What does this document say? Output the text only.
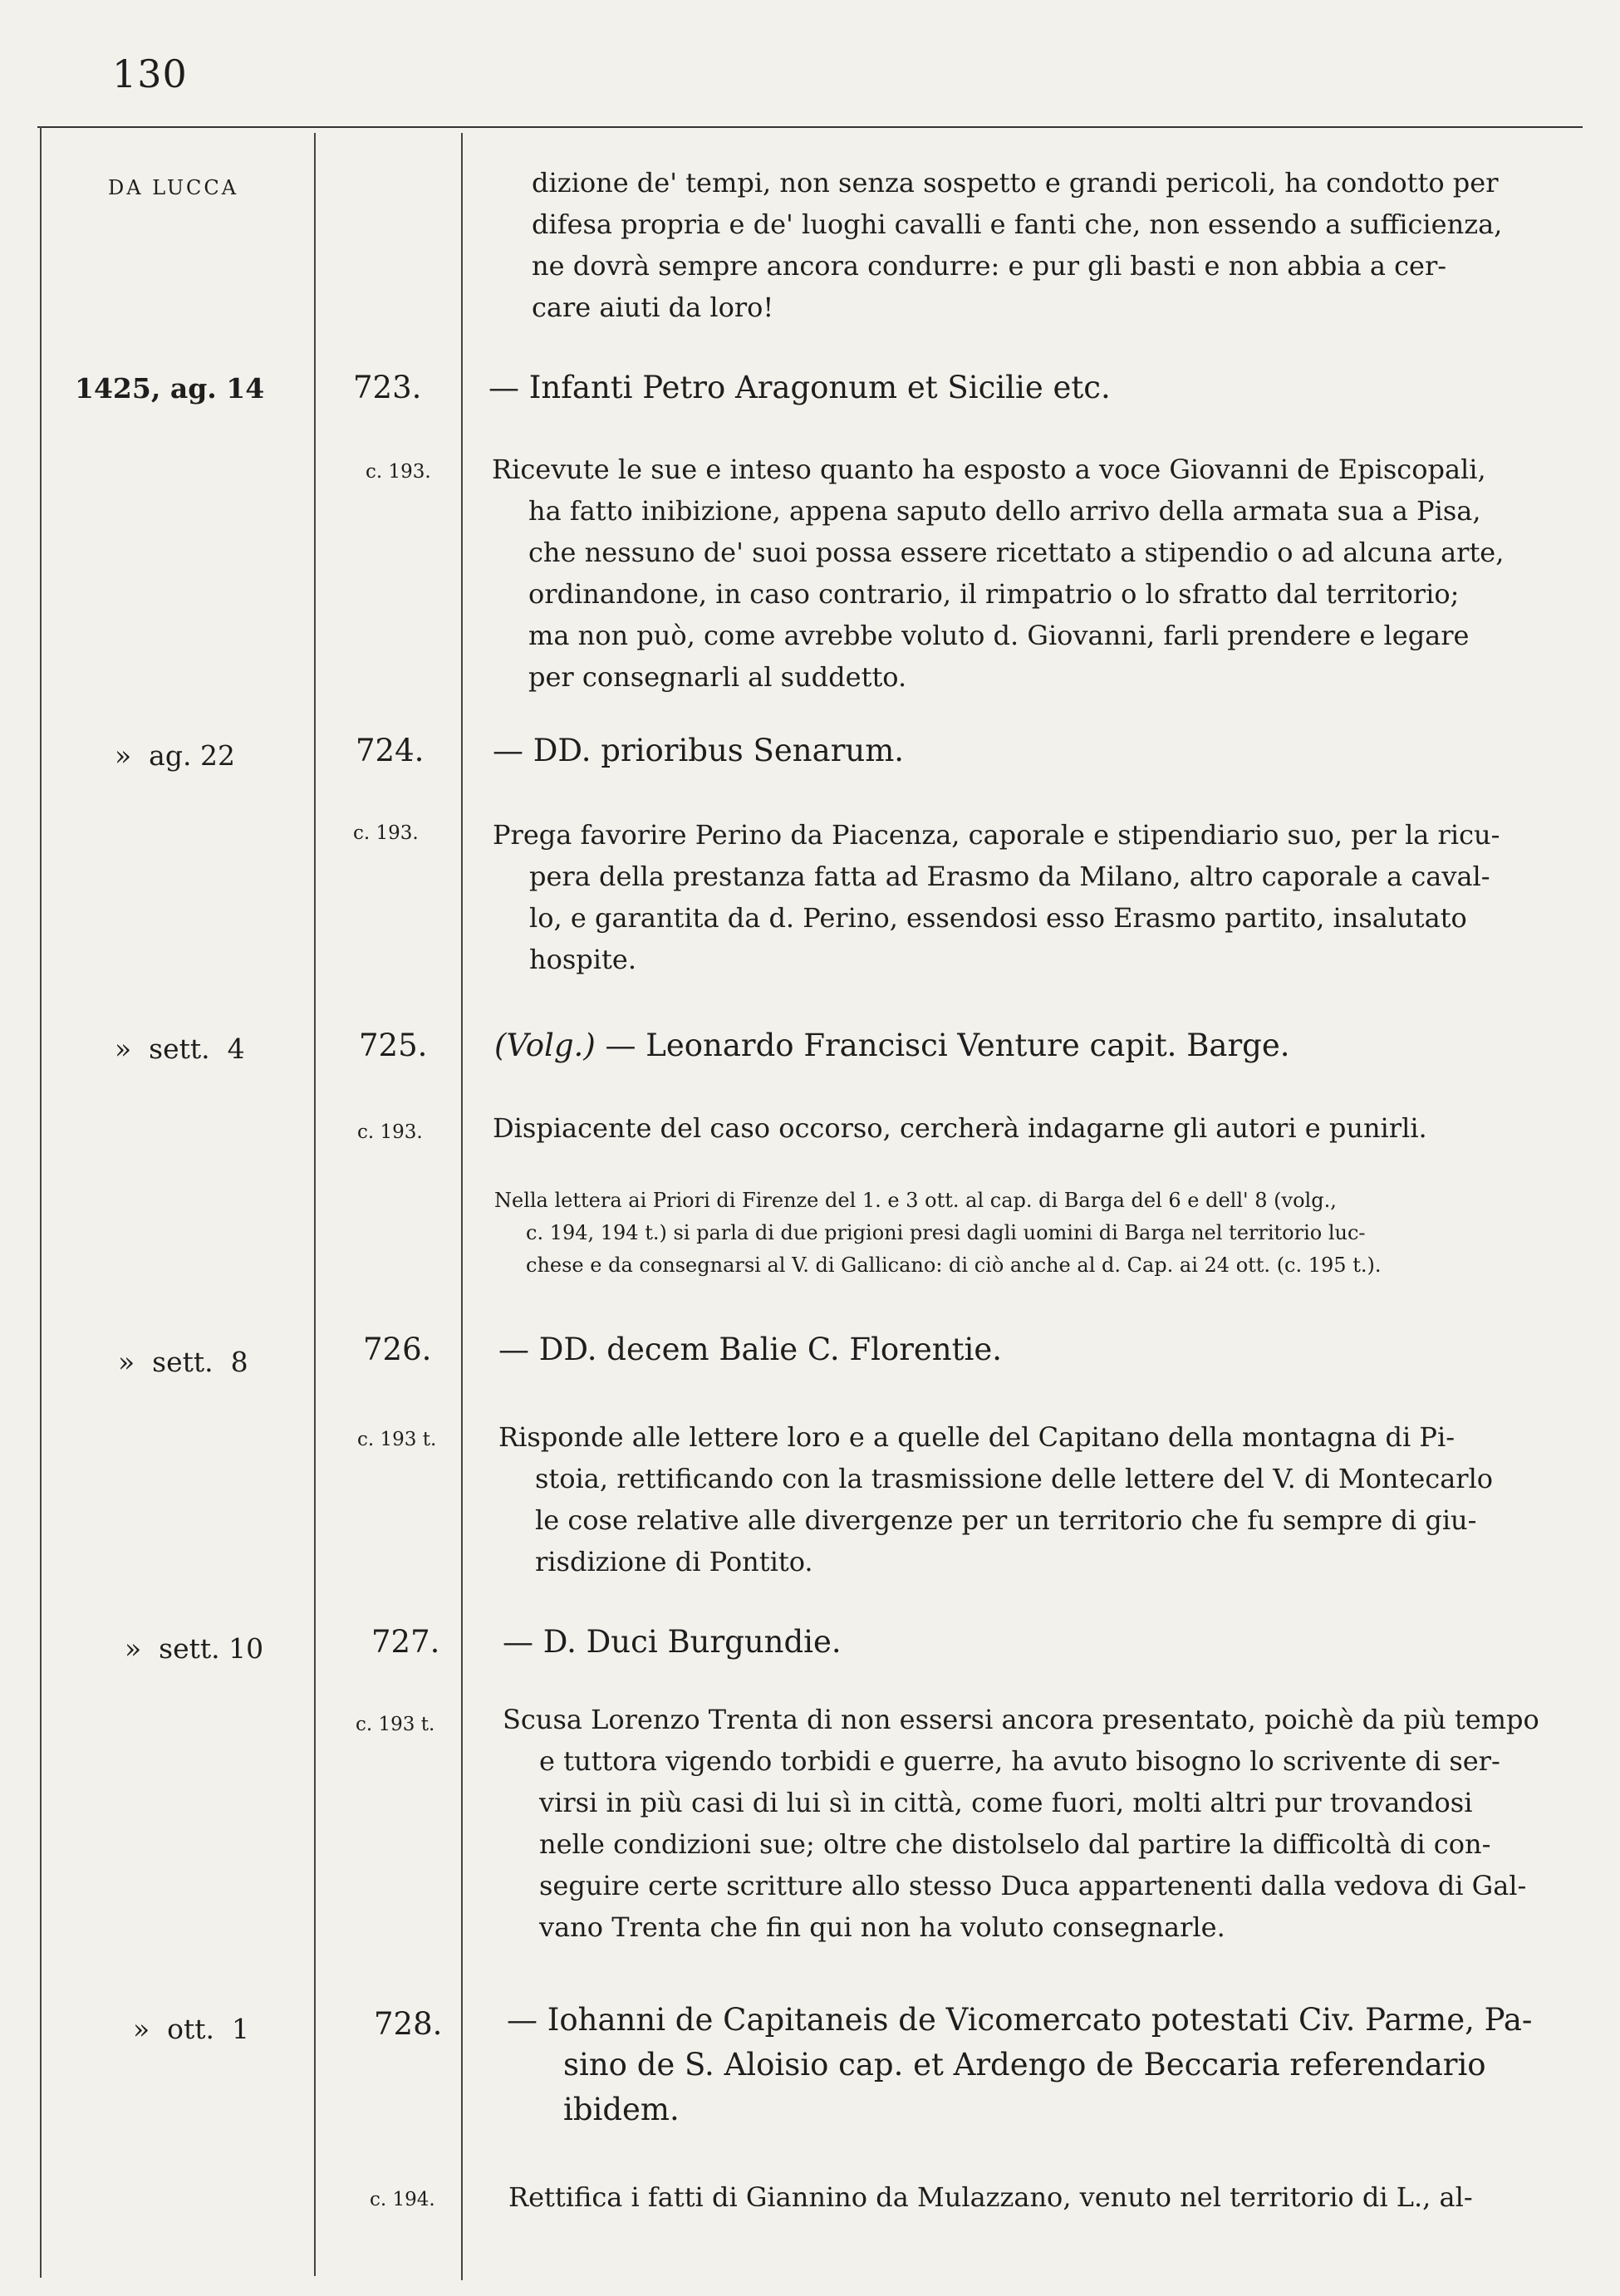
130
DA LUCCA	dizione de' tempi, non senza sospetto e grandi pericoli, ha condotto per
difesa propria e de' luoghi cavalli e fanti che, non essendo a sufficienza,
ne dovrà sempre ancora condurre: e pur gli basti e non abbia a cer-
care aiuti da loro!
1425, ag. 14	723. — Infanti Petro Aragonum et Sicilie etc.
c. 193. Ricevute le sue e inteso quanto ha esposto a voce Giovanni de Episcopali,
ha fatto inibizione, appena saputo dello arrivo della armata sua a Pisa,
che nessuno de' suoi possa essere ricettato a stipendio o ad alcuna arte,
ordinandone, in caso contrario, il rimpatrio o lo sfratto dal territorio;
ma non può, come avrebbe voluto d. Giovanni, farli prendere e legare
per consegnarli al suddetto.
»  ag. 22	724. — DD. prioribus Senarum.
c. 193.	Prega favorire Perino da Piacenza, caporale e stipendiario suo, per la ricu-
pera della prestanza fatta ad Erasmo da Milano, altro caporale a caval-
lo, e garantita da d. Perino, essendosi esso Erasmo partito, insalutato
hospite.
»  sett.  4	725. (Volg.) — Leonardo Francisci Venture capit. Barge.
c. 193.	Dispiacente del caso occorso, cercherà indagarne gli autori e punirli.
Nella lettera ai Priori di Firenze del 1. e 3 ott. al cap. di Barga del 6 e dell' 8 (volg.,
c. 194, 194 t.) si parla di due prigioni presi dagli uomini di Barga nel territorio luc-
chese e da consegnarsi al V. di Gallicano: di ciò anche al d. Cap. ai 24 ott. (c. 195 t.).
»  sett.  8	726. — DD. decem Balie C. Florentie.
c. 193 t. Risponde alle lettere loro e a quelle del Capitano della montagna di Pi-
stoia, rettificando con la trasmissione delle lettere del V. di Montecarlo
le cose relative alle divergenze per un territorio che fu sempre di giu-
risdizione di Pontito.
»  sett. 10	727. — D. Duci Burgundie.
c. 193 t.	Scusa Lorenzo Trenta di non essersi ancora presentato, poichè da più tempo
e tuttora vigendo torbidi e guerre, ha avuto bisogno lo scrivente di ser-
virsi in più casi di lui sì in città, come fuori, molti altri pur trovandosi
nelle condizioni sue; oltre che distolselo dal partire la difficoltà di con-
seguire certe scritture allo stesso Duca appartenenti dalla vedova di Gal-
vano Trenta che fin qui non ha voluto consegnarle.
»  ott.  1	728. — Iohanni de Capitaneis de Vicomercato potestati Civ. Parme, Pa-
sino de S. Aloisio cap. et Ardengo de Beccaria referendario
ibidem.
c. 194.	Rettifica i fatti di Giannino da Mulazzano, venuto nel territorio di L., al-
